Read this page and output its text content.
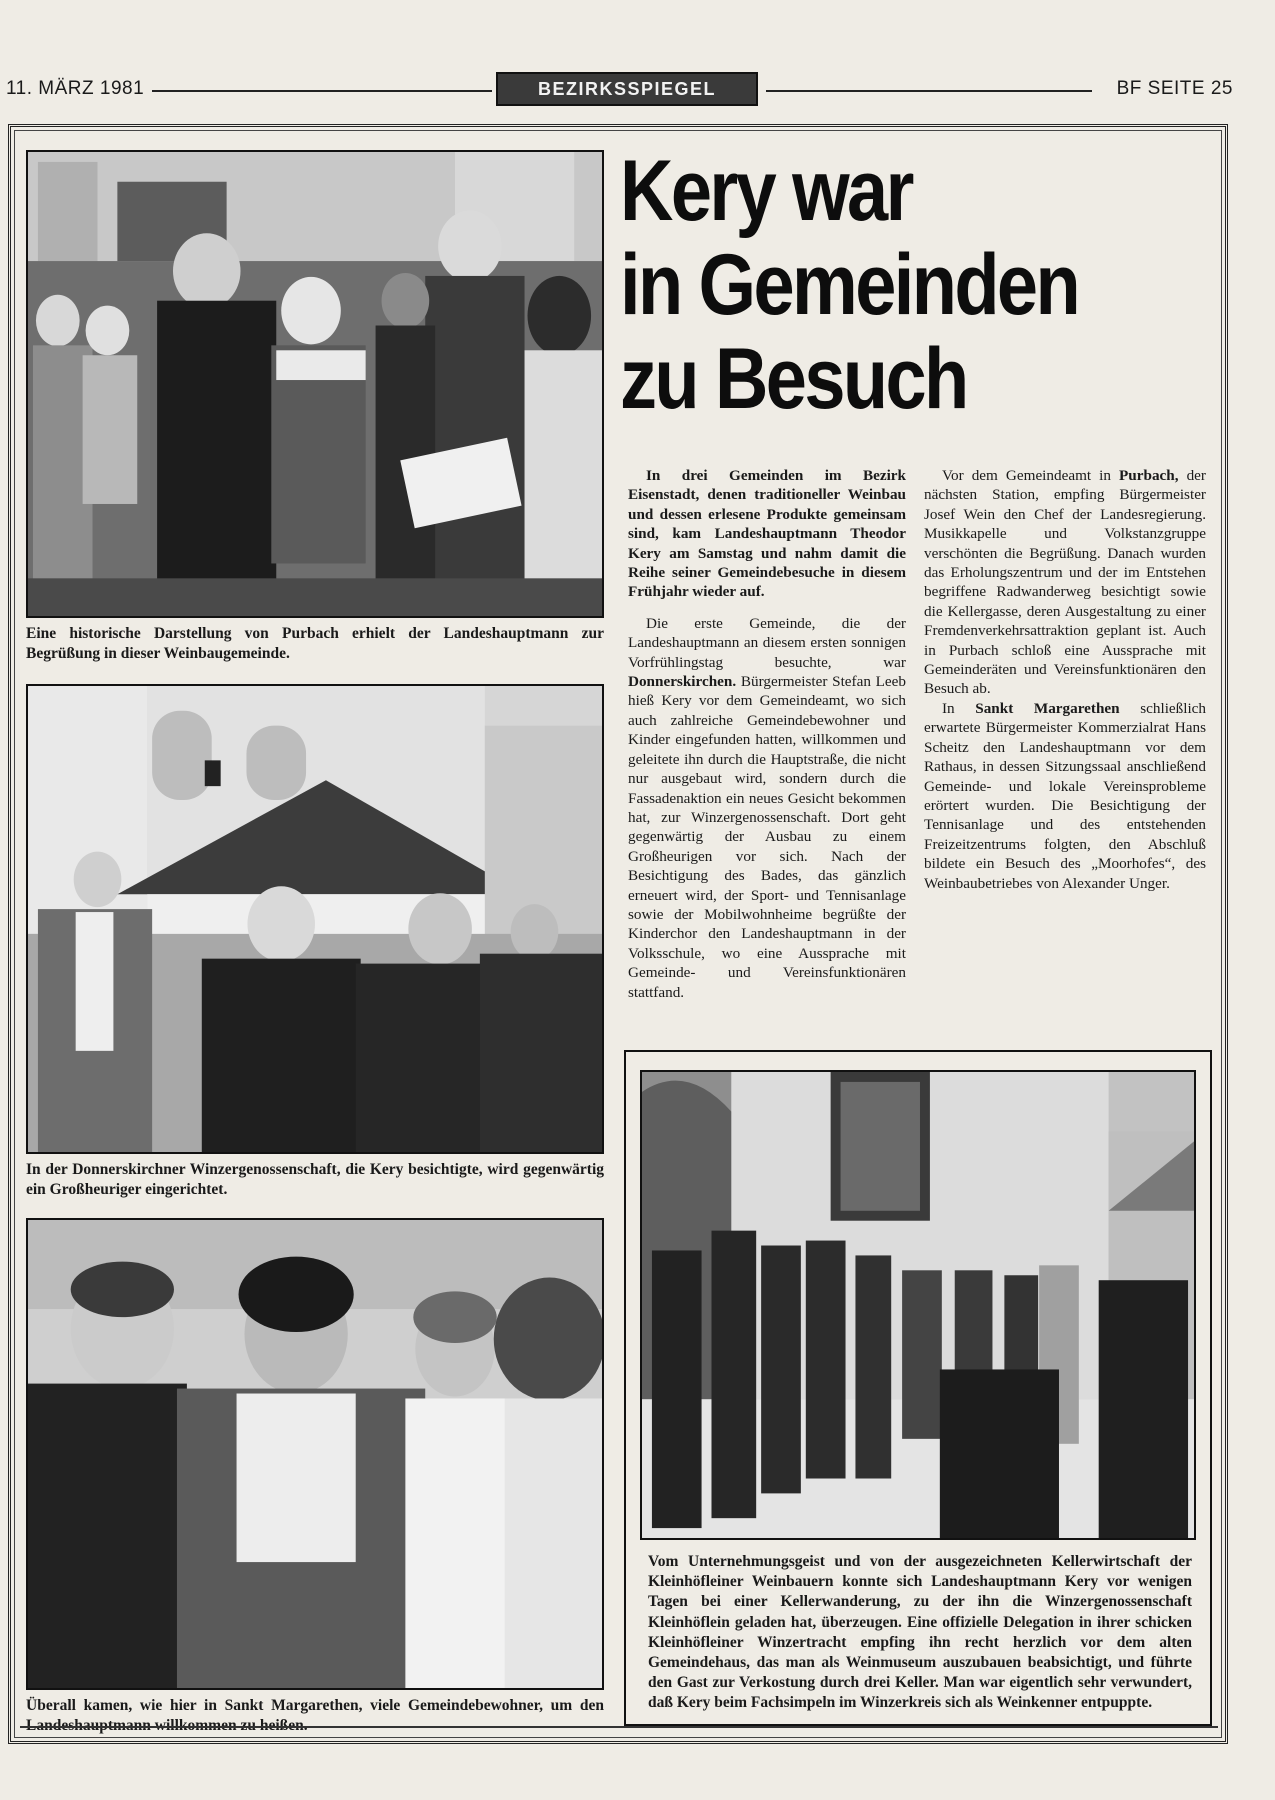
11. MÄRZ 1981	BEZIRKSSPIEGEL	BF SEITE 25
Eine historische Darstellung von Purbach erhielt der Landeshauptmann zur Begrüßung in dieser Weinbaugemeinde.
In der Donnerskirchner Winzergenossenschaft, die Kery besichtigte, wird gegenwärtig ein Großheuriger eingerichtet.
Überall kamen, wie hier in Sankt Margarethen, viele Gemeindebewohner, um den
Kery war
in Gemeinden
zu Besuch

In drei Gemeinden im Bezirk Eisenstadt, denen traditioneller Weinbau und dessen erlesene Produkte gemeinsam sind, kam Landeshauptmann Theodor Kery am Samstag und nahm damit die Reihe seiner Gemeindebesuche in diesem Frühjahr wieder auf.

Die erste Gemeinde, die der Landeshauptmann an diesem ersten sonnigen Vorfrühlingstag besuchte, war Donnerskirchen. Bürgermeister Stefan Leeb hieß Kery vor dem Gemeindeamt, wo sich auch zahlreiche Gemeindebewohner und Kinder eingefunden hatten, willkommen und geleitete ihn durch die Hauptstraße, die nicht nur ausgebaut wird, sondern durch die Fassadenaktion ein neues Gesicht bekommen hat, zur Winzergenossenschaft. Dort geht gegenwärtig der Ausbau zu einem Großheurigen vor sich. Nach der Besichtigung des Bades, das gänzlich erneuert wird, der Sport- und Tennisanlage sowie der Mobilwohnheime begrüßte der Kinderchor den Landeshauptmann in der Volksschule, wo eine Aussprache mit Gemeinde- und Vereinsfunktionären stattfand.

Vor dem Gemeindeamt in Purbach, der nächsten Station, empfing Bürgermeister Josef Wein den Chef der Landesregierung. Musikkapelle und Volkstanzgruppe verschönten die Begrüßung. Danach wurden das Erholungszentrum und der im Entstehen begriffene Radwanderweg besichtigt sowie die Kellergasse, deren Ausgestaltung zu einer Fremdenverkehrsattraktion geplant ist. Auch in Purbach schloß eine Aussprache mit Gemeinderäten und Vereinsfunktionären den Besuch ab.

In Sankt Margarethen schließlich erwartete Bürgermeister Kommerzialrat Hans Scheitz den Landeshauptmann vor dem Rathaus, in dessen Sitzungssaal anschließend Gemeinde- und lokale Vereinsprobleme erörtert wurden. Die Besichtigung der Tennisanlage und des entstehenden Freizeitzentrums folgten, den Abschluß bildete ein Besuch des „Moorhofes“, des Weinbaubetriebes von Alexander Unger.

Vom Unternehmungsgeist und von der ausgezeichneten Kellerwirtschaft der Kleinhöfleiner Weinbauern konnte sich Landeshauptmann Kery vor wenigen Tagen bei einer Kellerwanderung, zu der ihn die Winzergenossenschaft Kleinhöflein geladen hat, überzeugen. Eine offizielle Delegation in ihrer schicken Kleinhöfleiner Winzertracht empfing ihn recht herzlich vor dem alten Gemeindehaus, das man als Weinmuseum auszubauen beabsichtigt, und führte den Gast zur Verkostung durch drei Keller. Man war eigentlich sehr verwundert, daß Kery beim Fachsimpeln im Winzerkreis sich als Weinkenner entpuppte.
